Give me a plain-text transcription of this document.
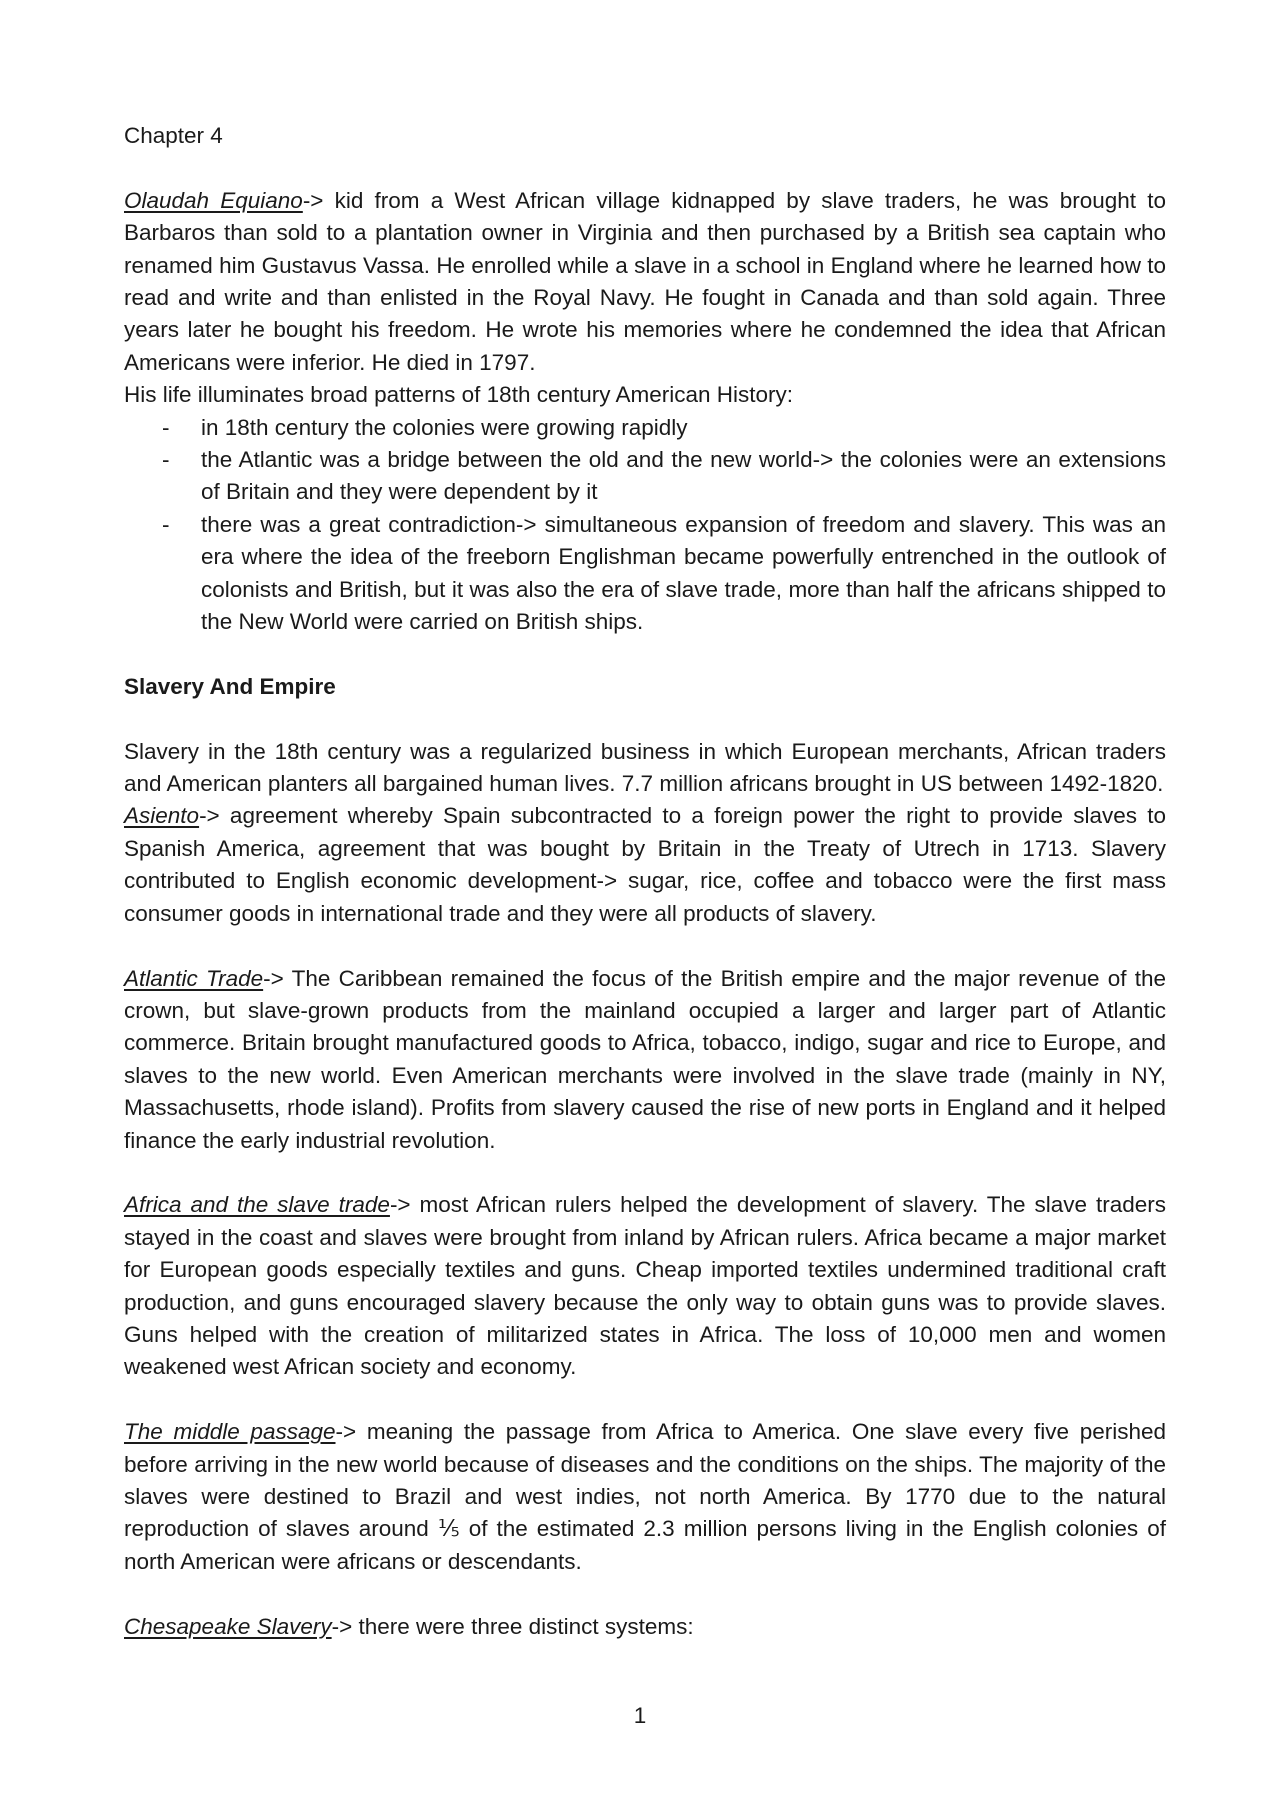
Chapter 4

Olaudah Equiano-> kid from a West African village kidnapped by slave traders, he was brought to Barbaros than sold to a plantation owner in Virginia and then purchased by a British sea captain who renamed him Gustavus Vassa. He enrolled while a slave in a school in England where he learned how to read and write and than enlisted in the Royal Navy. He fought in Canada and than sold again. Three years later he bought his freedom. He wrote his memories where he condemned the idea that African Americans were inferior. He died in 1797.

His life illuminates broad patterns of 18th century American History:

- in 18th century the colonies were growing rapidly
- the Atlantic was a bridge between the old and the new world-> the colonies were an extensions of Britain and they were dependent by it
- there was a great contradiction-> simultaneous expansion of freedom and slavery. This was an era where the idea of the freeborn Englishman became powerfully entrenched in the outlook of colonists and British, but it was also the era of slave trade, more than half the africans shipped to the New World were carried on British ships.

Slavery And Empire

Slavery in the 18th century was a regularized business in which European merchants, African traders and American planters all bargained human lives. 7.7 million africans brought in US between 1492-1820.

Asiento-> agreement whereby Spain subcontracted to a foreign power the right to provide slaves to Spanish America, agreement that was bought by Britain in the Treaty of Utrech in 1713. Slavery contributed to English economic development-> sugar, rice, coffee and tobacco were the first mass consumer goods in international trade and they were all products of slavery.

Atlantic Trade-> The Caribbean remained the focus of the British empire and the major revenue of the crown, but slave-grown products from the mainland occupied a larger and larger part of Atlantic commerce. Britain brought manufactured goods to Africa, tobacco, indigo, sugar and rice to Europe, and slaves to the new world. Even American merchants were involved in the slave trade (mainly in NY, Massachusetts, rhode island). Profits from slavery caused the rise of new ports in England and it helped finance the early industrial revolution.

Africa and the slave trade-> most African rulers helped the development of slavery. The slave traders stayed in the coast and slaves were brought from inland by African rulers. Africa became a major market for European goods especially textiles and guns. Cheap imported textiles undermined traditional craft production, and guns encouraged slavery because the only way to obtain guns was to provide slaves. Guns helped with the creation of militarized states in Africa. The loss of 10,000 men and women weakened west African society and economy.

The middle passage-> meaning the passage from Africa to America. One slave every five perished before arriving in the new world because of diseases and the conditions on the ships. The majority of the slaves were destined to Brazil and west indies, not north America. By 1770 due to the natural reproduction of slaves around ⅕ of the estimated 2.3 million persons living in the English colonies of north American were africans or descendants.

Chesapeake Slavery-> there were three distinct systems:

1
